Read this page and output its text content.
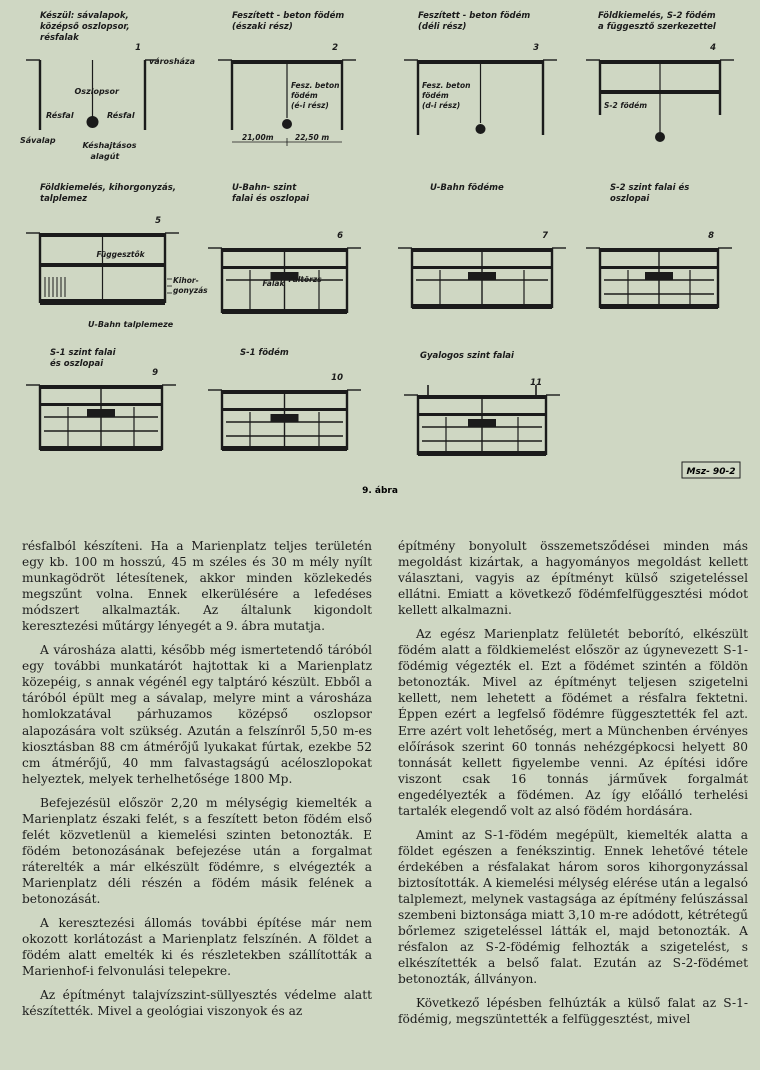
Készül: sávalapok,
középső oszlopsor,
résfalak
1
városháza
Oszlopsor
Résfal	Résfal
Sávalap
Késhajtásos
alagút
Feszített - beton födém
(északi rész)
2
Fesz. beton
födém
(é-i rész)
21,00m	22,50 m
Feszített - beton födém
(déli rész)
3
Fesz. beton
födém
(d-i rész)
Földkiemelés, S-2 födém
a függesztő szerkezettel
4
S-2 födém
Földkiemelés, kihorgonyzás,
talplemez
5
Függesztők
Kihor-
gonyzás
U-Bahn talplemeze
U-Bahn- szint
falai és oszlopai
6
Falak Faltörzs
U-Bahn födéme
7
S-2 szint falai és
oszlopai
8
S-1 szint falai
és oszlopai
9
S-1 födém
10
Gyalogos szint falai
11
9. ábra
Msz- 90-2

résfalból készíteni. Ha a Marienplatz teljes területén egy kb. 100 m hosszú, 45 m széles és 30 m mély nyílt munkagödröt létesítenek, akkor minden közlekedés megszűnt volna. Ennek elkerülésére a lefedéses módszert alkalmazták. Az általunk kigondolt keresztezési műtárgy lényegét a 9. ábra mutatja.

A városháza alatti, később még ismertetendő táróból egy további munkatárót hajtottak ki a Marienplatz közepéig, s annak végénél egy talptáró készült. Ebből a táróból épült meg a sávalap, melyre mint a városháza homlokzatával párhuzamos középső oszlopsor alapozására volt szükség. Azután a felszínről 5,50 m-es kiosztásban 88 cm átmérőjű lyukakat fúrtak, ezekbe 52 cm átmérőjű, 40 mm falvastagságú acéloszlopokat helyeztek, melyek terhelhetősége 1800 Mp.

Befejezésül először 2,20 m mélységig kiemelték a Marienplatz északi felét, s a feszített beton födém első felét közvetlenül a kiemelési szinten betonozták. E födém betonozásának befejezése után a forgalmat ráterelték a már elkészült födémre, s elvégezték a Marienplatz déli részén a födém másik felének a betonozását.

A keresztezési állomás további építése már nem okozott korlátozást a Marienplatz felszínén. A földet a födém alatt emelték ki és részletekben szállították a Marienhof-i felvonulási telepekre.

Az építményt talajvízszint-süllyesztés védelme alatt készítették. Mivel a geológiai viszonyok és az

építmény bonyolult összemetsződései minden más megoldást kizártak, a hagyományos megoldást kellett választani, vagyis az építményt külső szigeteléssel ellátni. Emiatt a következő födémfelfüggesztési módot kellett alkalmazni.

Az egész Marienplatz felületét beborító, elkészült födém alatt a földkiemelést először az úgynevezett S-1-födémig végezték el. Ezt a födémet szintén a földön betonozták. Mivel az építményt teljesen szigetelni kellett, nem lehetett a födémet a résfalra fektetni. Éppen ezért a legfelső födémre függesztették fel azt. Erre azért volt lehetőség, mert a Münchenben érvényes előírások szerint 60 tonnás nehézgépkocsi helyett 80 tonnását kellett figyelembe venni. Az építési időre viszont csak 16 tonnás járművek forgalmát engedélyezték a födémen. Az így előálló terhelési tartalék elegendő volt az alsó födém hordására.

Amint az S-1-födém megépült, kiemelték alatta a földet egészen a fenékszintig. Ennek lehetővé tétele érdekében a résfalakat három soros kihorgonyzással biztosították. A kiemelési mélység elérése után a legalsó talplemezt, melynek vastagsága az építmény felúszással szembeni biztonsága miatt 3,10 m-re adódott, kétrétegű bőrlemez szigeteléssel látták el, majd betonozták. A résfalon az S-2-födémig felhozták a szigetelést, s elkészítették a belső falat. Ezután az S-2-födémet betonozták, állványon.

Következő lépésben felhúzták a külső falat az S-1-födémig, megszüntették a felfüggesztést, mivel
